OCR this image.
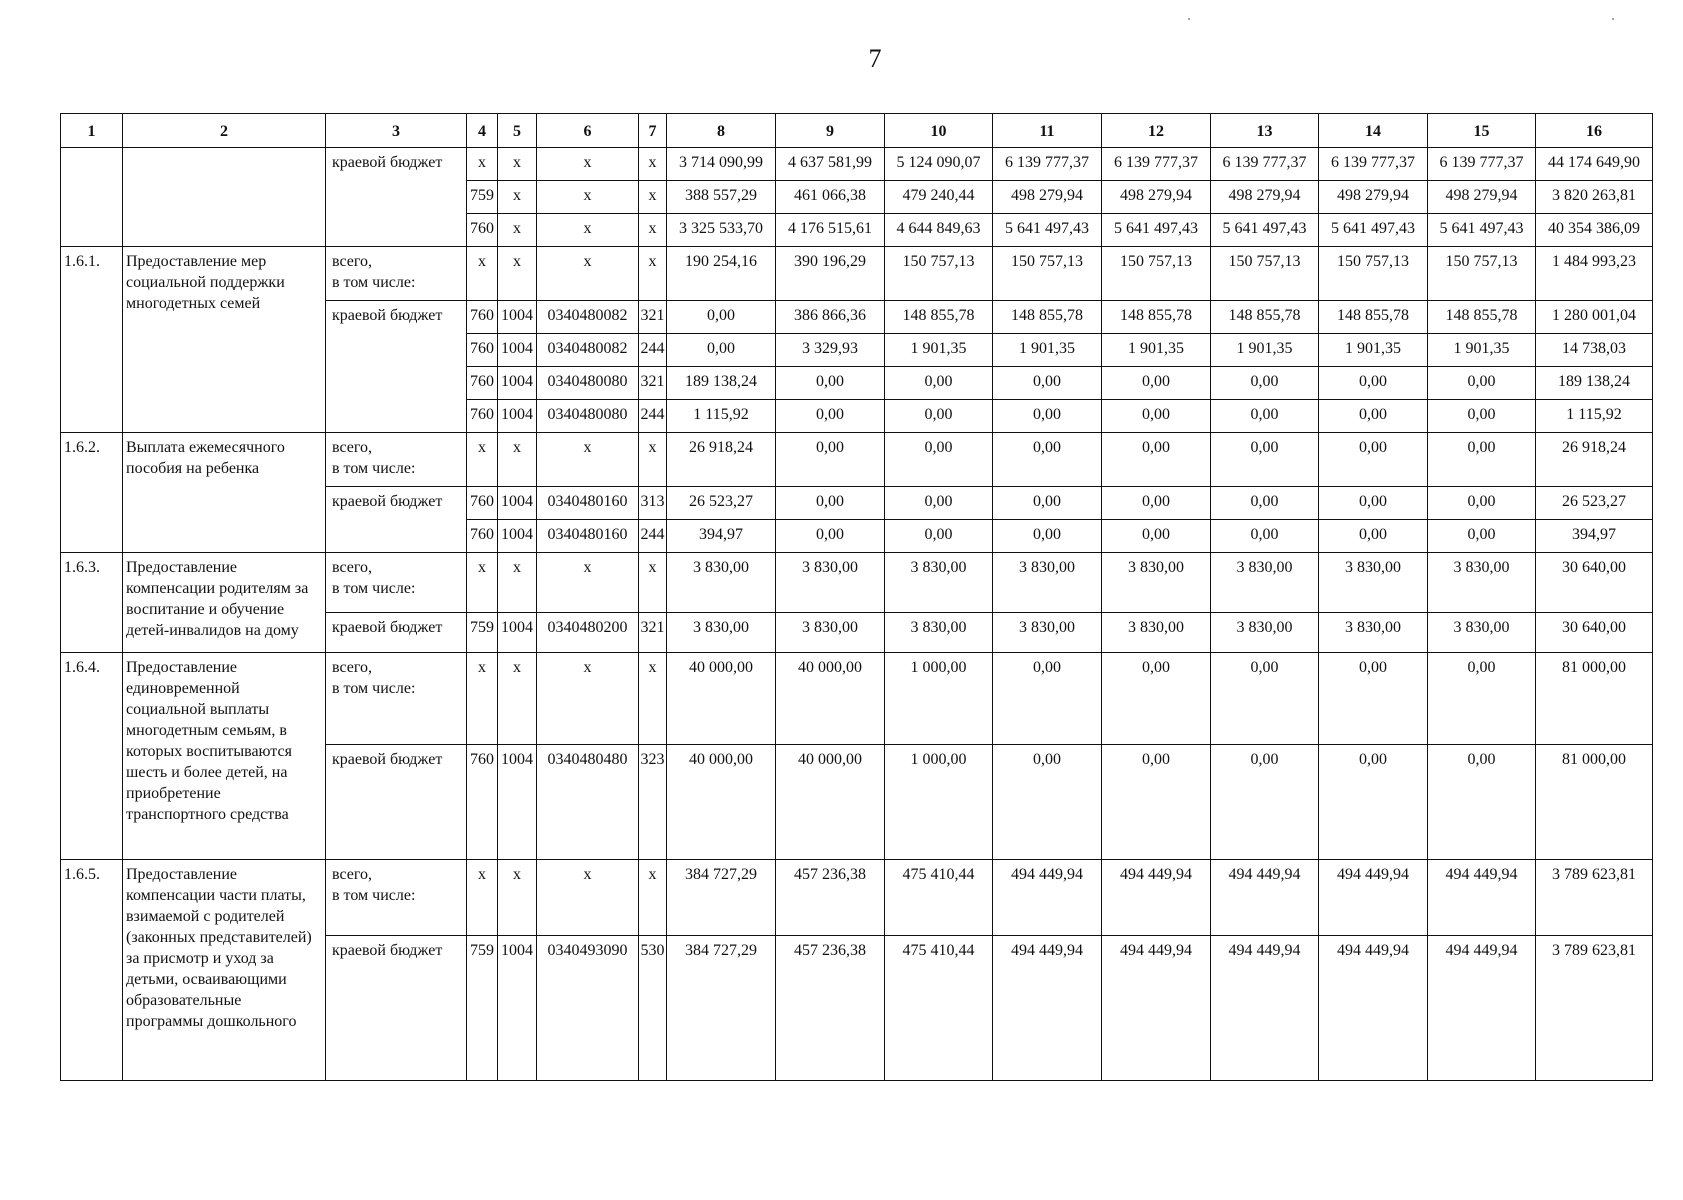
7
1	2	3	4	5	6	7	8	9	10	11	12	13	14	15	16
		краевой бюджет	x	x	x	x	3 714 090,99	4 637 581,99	5 124 090,07	6 139 777,37	6 139 777,37	6 139 777,37	6 139 777,37	6 139 777,37	44 174 649,90
			759	x	x	x	388 557,29	461 066,38	479 240,44	498 279,94	498 279,94	498 279,94	498 279,94	498 279,94	3 820 263,81
			760	x	x	x	3 325 533,70	4 176 515,61	4 644 849,63	5 641 497,43	5 641 497,43	5 641 497,43	5 641 497,43	5 641 497,43	40 354 386,09
1.6.1.	Предоставление мер социальной поддержки многодетных семей	всего,
в том числе:	x	x	x	x	190 254,16	390 196,29	150 757,13	150 757,13	150 757,13	150 757,13	150 757,13	150 757,13	1 484 993,23
		краевой бюджет	760	1004	0340480082	321	0,00	386 866,36	148 855,78	148 855,78	148 855,78	148 855,78	148 855,78	148 855,78	1 280 001,04
			760	1004	0340480082	244	0,00	3 329,93	1 901,35	1 901,35	1 901,35	1 901,35	1 901,35	1 901,35	14 738,03
			760	1004	0340480080	321	189 138,24	0,00	0,00	0,00	0,00	0,00	0,00	0,00	189 138,24
			760	1004	0340480080	244	1 115,92	0,00	0,00	0,00	0,00	0,00	0,00	0,00	1 115,92
1.6.2.	Выплата ежемесячного пособия на ребенка	всего,
в том числе:	x	x	x	x	26 918,24	0,00	0,00	0,00	0,00	0,00	0,00	0,00	26 918,24
		краевой бюджет	760	1004	0340480160	313	26 523,27	0,00	0,00	0,00	0,00	0,00	0,00	0,00	26 523,27
			760	1004	0340480160	244	394,97	0,00	0,00	0,00	0,00	0,00	0,00	0,00	394,97
1.6.3.	Предоставление компенсации родителям за воспитание и обучение детей-инвалидов на дому	всего,
в том числе:	x	x	x	x	3 830,00	3 830,00	3 830,00	3 830,00	3 830,00	3 830,00	3 830,00	3 830,00	30 640,00
		краевой бюджет	759	1004	0340480200	321	3 830,00	3 830,00	3 830,00	3 830,00	3 830,00	3 830,00	3 830,00	3 830,00	30 640,00
1.6.4.	Предоставление единовременной социальной выплаты многодетным семьям, в которых воспитываются шесть и более детей, на приобретение транспортного средства	всего,
в том числе:	x	x	x	x	40 000,00	40 000,00	1 000,00	0,00	0,00	0,00	0,00	0,00	81 000,00
		краевой бюджет	760	1004	0340480480	323	40 000,00	40 000,00	1 000,00	0,00	0,00	0,00	0,00	0,00	81 000,00
1.6.5.	Предоставление компенсации части платы, взимаемой с родителей (законных представителей) за присмотр и уход за детьми, осваивающими образовательные программы дошкольного	всего,
в том числе:	x	x	x	x	384 727,29	457 236,38	475 410,44	494 449,94	494 449,94	494 449,94	494 449,94	494 449,94	3 789 623,81
		краевой бюджет	759	1004	0340493090	530	384 727,29	457 236,38	475 410,44	494 449,94	494 449,94	494 449,94	494 449,94	494 449,94	3 789 623,81
